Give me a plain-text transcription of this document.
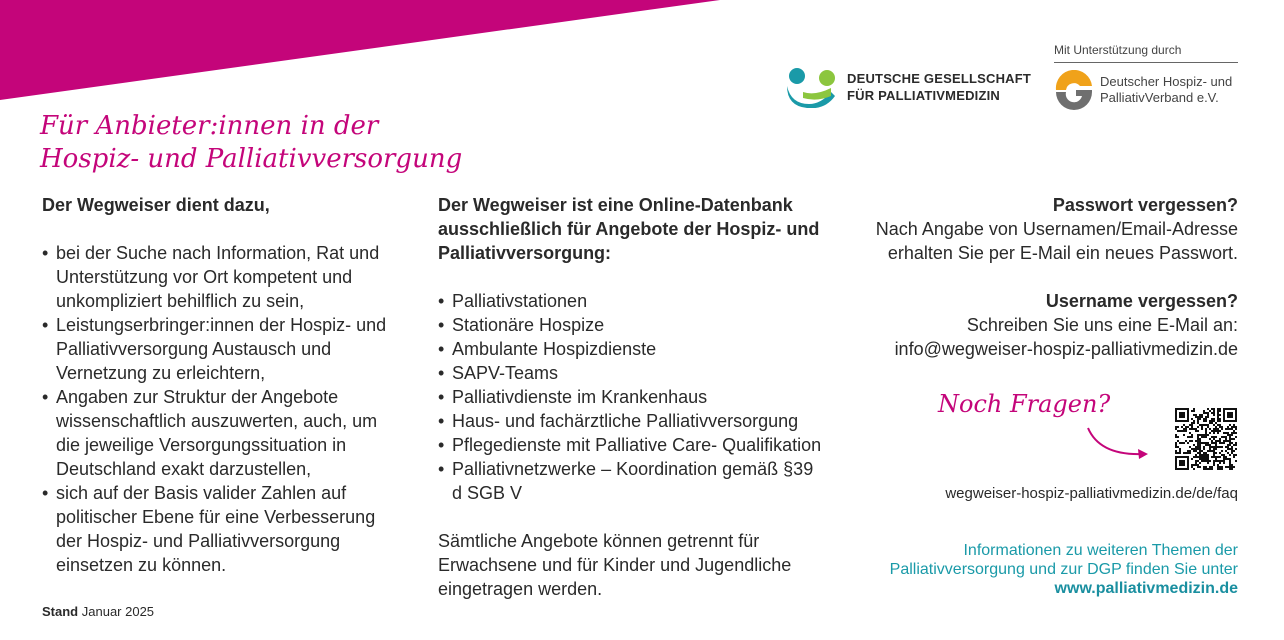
DEUTSCHE GESELLSCHAFT
FÜR PALLIATIVMEDIZIN
Mit Unterstützung durch
Deutscher Hospiz- und
PalliativVerband e.V.
Für Anbieter:innen in der
Hospiz- und Palliativversorgung
Der Wegweiser dient dazu,
• bei der Suche nach Information, Rat und Unterstützung vor Ort kompetent und unkompliziert behilflich zu sein,
• Leistungserbringer:innen der Hospiz- und Palliativversorgung Austausch und Vernetzung zu erleichtern,
• Angaben zur Struktur der Angebote wissenschaftlich auszuwerten, auch, um die jeweilige Versorgungssituation in Deutschland exakt darzustellen,
• sich auf der Basis valider Zahlen auf politischer Ebene für eine Verbesserung der Hospiz- und Palliativversorgung einsetzen zu können.
Der Wegweiser ist eine Online-Datenbank ausschließlich für Angebote der Hospiz- und Palliativversorgung:
• Palliativstationen
• Stationäre Hospize
• Ambulante Hospizdienste
• SAPV-Teams
• Palliativdienste im Krankenhaus
• Haus- und fachärztliche Palliativversorgung
• Pflegedienste mit Palliative Care- Qualifikation
• Palliativnetzwerke – Koordination gemäß §39 d SGB V
Sämtliche Angebote können getrennt für Erwachsene und für Kinder und Jugendliche eingetragen werden.
Passwort vergessen?
Nach Angabe von Usernamen/Email-Adresse erhalten Sie per E-Mail ein neues Passwort.
Username vergessen?
Schreiben Sie uns eine E-Mail an:
info@wegweiser-hospiz-palliativmedizin.de
Noch Fragen?
wegweiser-hospiz-palliativmedizin.de/de/faq
Informationen zu weiteren Themen der Palliativversorgung und zur DGP finden Sie unter
www.palliativmedizin.de
Stand Januar 2025
